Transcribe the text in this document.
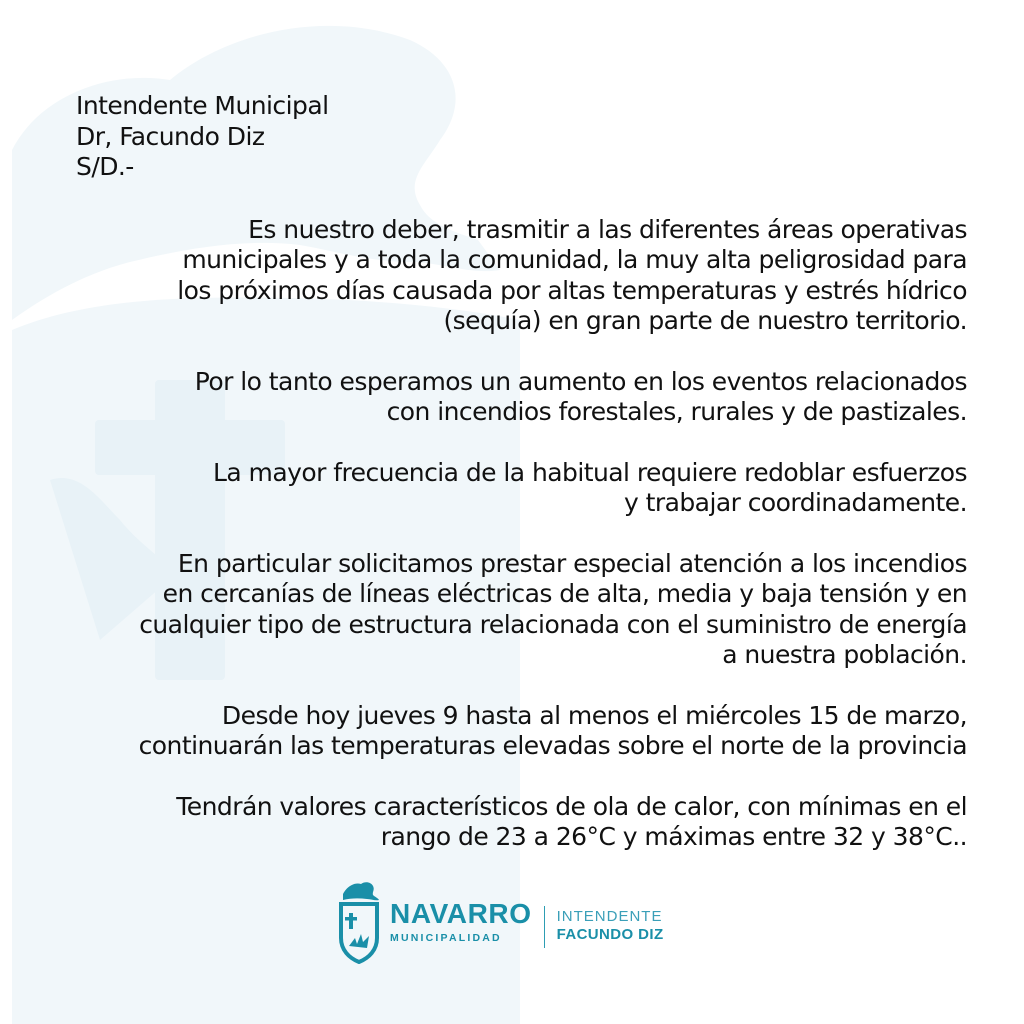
Intendente Municipal
Dr, Facundo Diz
S/D.-
Es nuestro deber, trasmitir a las diferentes áreas operativas
municipales y a toda la comunidad, la muy alta peligrosidad para
los próximos días causada por altas temperaturas y estrés hídrico
(sequía) en gran parte de nuestro territorio.
Por lo tanto esperamos un aumento en los eventos relacionados
con incendios forestales, rurales y de pastizales.
La mayor frecuencia de la habitual requiere redoblar esfuerzos
y trabajar coordinadamente.
En particular solicitamos prestar especial atención a los incendios
en cercanías de líneas eléctricas de alta, media y baja tensión y en
cualquier tipo de estructura relacionada con el suministro de energía
a nuestra población.
Desde hoy jueves 9 hasta al menos el miércoles 15 de marzo,
continuarán las temperaturas elevadas sobre el norte de la provincia
Tendrán valores característicos de ola de calor, con mínimas en el
rango de 23 a 26°C y máximas entre 32 y 38°C..
NAVARRO
MUNICIPALIDAD
INTENDENTE
FACUNDO DIZ
